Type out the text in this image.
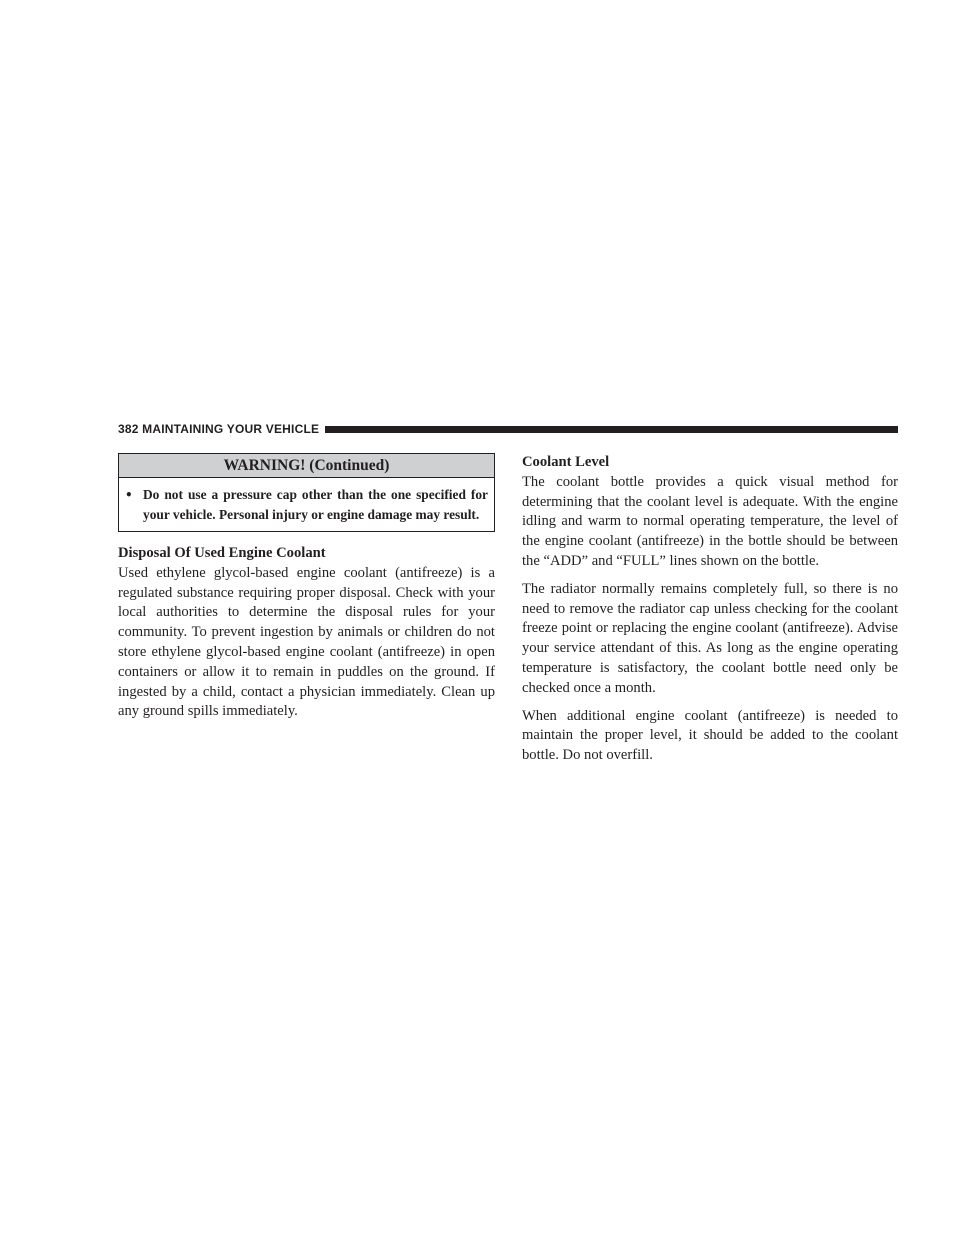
382 MAINTAINING YOUR VEHICLE
WARNING! (Continued)
• Do not use a pressure cap other than the one specified for your vehicle. Personal injury or engine damage may result.

Disposal Of Used Engine Coolant

Used ethylene glycol-based engine coolant (antifreeze) is a regulated substance requiring proper disposal. Check with your local authorities to determine the disposal rules for your community. To prevent ingestion by animals or children do not store ethylene glycol-based engine coolant (antifreeze) in open containers or allow it to remain in puddles on the ground. If ingested by a child, contact a physician immediately. Clean up any ground spills immediately.

Coolant Level

The coolant bottle provides a quick visual method for determining that the coolant level is adequate. With the engine idling and warm to normal operating temperature, the level of the engine coolant (antifreeze) in the bottle should be between the “ADD” and “FULL” lines shown on the bottle.

The radiator normally remains completely full, so there is no need to remove the radiator cap unless checking for the coolant freeze point or replacing the engine coolant (antifreeze). Advise your service attendant of this. As long as the engine operating temperature is satisfactory, the coolant bottle need only be checked once a month.

When additional engine coolant (antifreeze) is needed to maintain the proper level, it should be added to the coolant bottle. Do not overfill.
